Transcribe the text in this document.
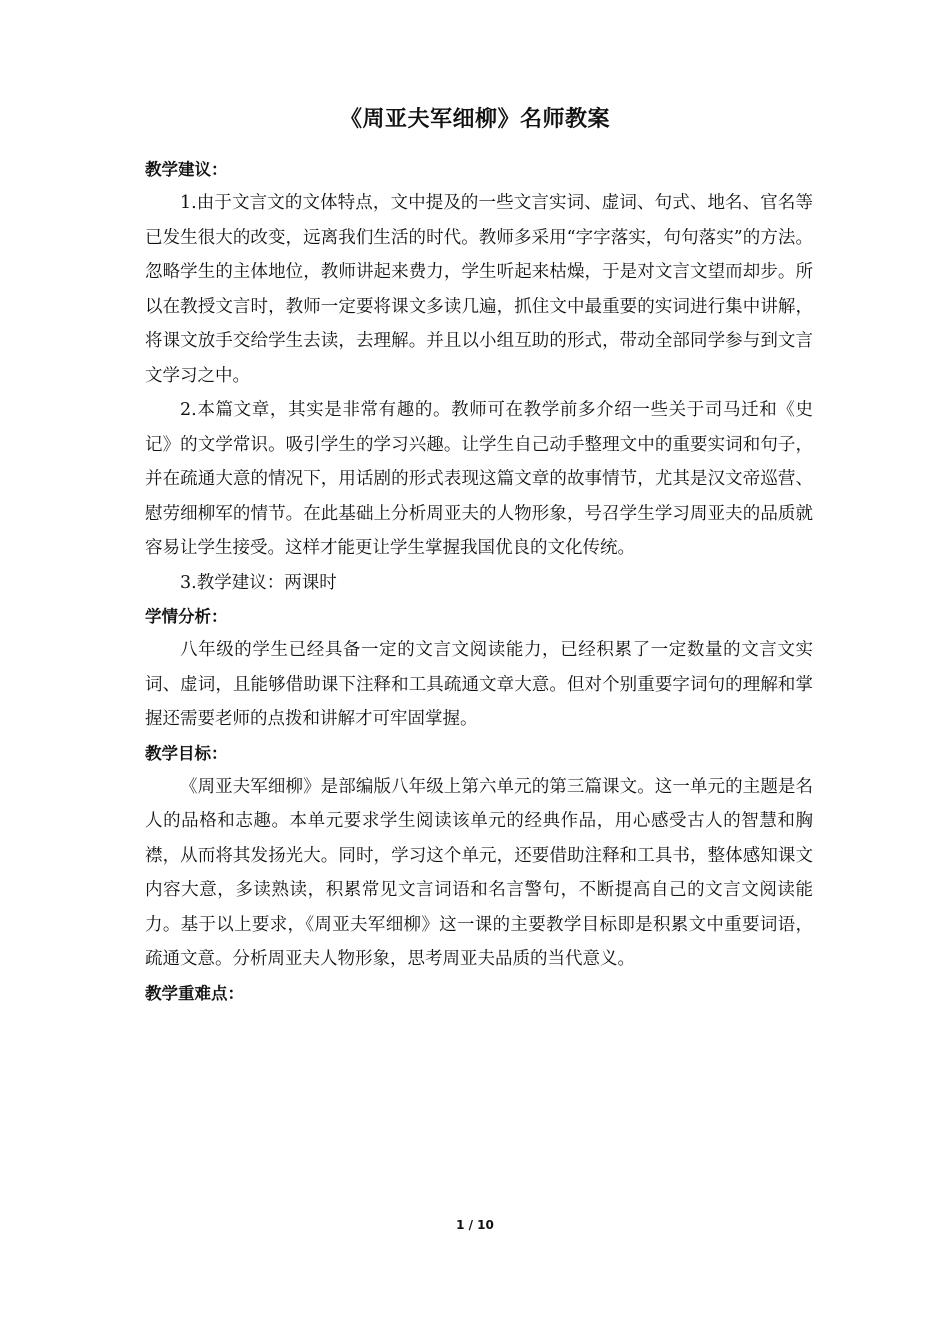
《周亚夫军细柳》名师教案
教学建议：

1.由于文言文的文体特点，文中提及的一些文言实词、虚词、句式、地名、官名等已发生很大的改变，远离我们生活的时代。教师多采用“字字落实，句句落实”的方法。忽略学生的主体地位，教师讲起来费力，学生听起来枯燥，于是对文言文望而却步。所以在教授文言时，教师一定要将课文多读几遍，抓住文中最重要的实词进行集中讲解，将课文放手交给学生去读，去理解。并且以小组互助的形式，带动全部同学参与到文言文学习之中。

2.本篇文章，其实是非常有趣的。教师可在教学前多介绍一些关于司马迁和《史记》的文学常识。吸引学生的学习兴趣。让学生自己动手整理文中的重要实词和句子，并在疏通大意的情况下，用话剧的形式表现这篇文章的故事情节，尤其是汉文帝巡营、慰劳细柳军的情节。在此基础上分析周亚夫的人物形象，号召学生学习周亚夫的品质就容易让学生接受。这样才能更让学生掌握我国优良的文化传统。

3.教学建议：两课时

学情分析：

八年级的学生已经具备一定的文言文阅读能力，已经积累了一定数量的文言文实词、虚词，且能够借助课下注释和工具疏通文章大意。但对个别重要字词句的理解和掌握还需要老师的点拨和讲解才可牢固掌握。

教学目标：

《周亚夫军细柳》是部编版八年级上第六单元的第三篇课文。这一单元的主题是名人的品格和志趣。本单元要求学生阅读该单元的经典作品，用心感受古人的智慧和胸襟，从而将其发扬光大。同时，学习这个单元，还要借助注释和工具书，整体感知课文内容大意，多读熟读，积累常见文言词语和名言警句，不断提高自己的文言文阅读能力。基于以上要求，《周亚夫军细柳》这一课的主要教学目标即是积累文中重要词语，疏通文意。分析周亚夫人物形象，思考周亚夫品质的当代意义。

教学重难点：
1 / 10
